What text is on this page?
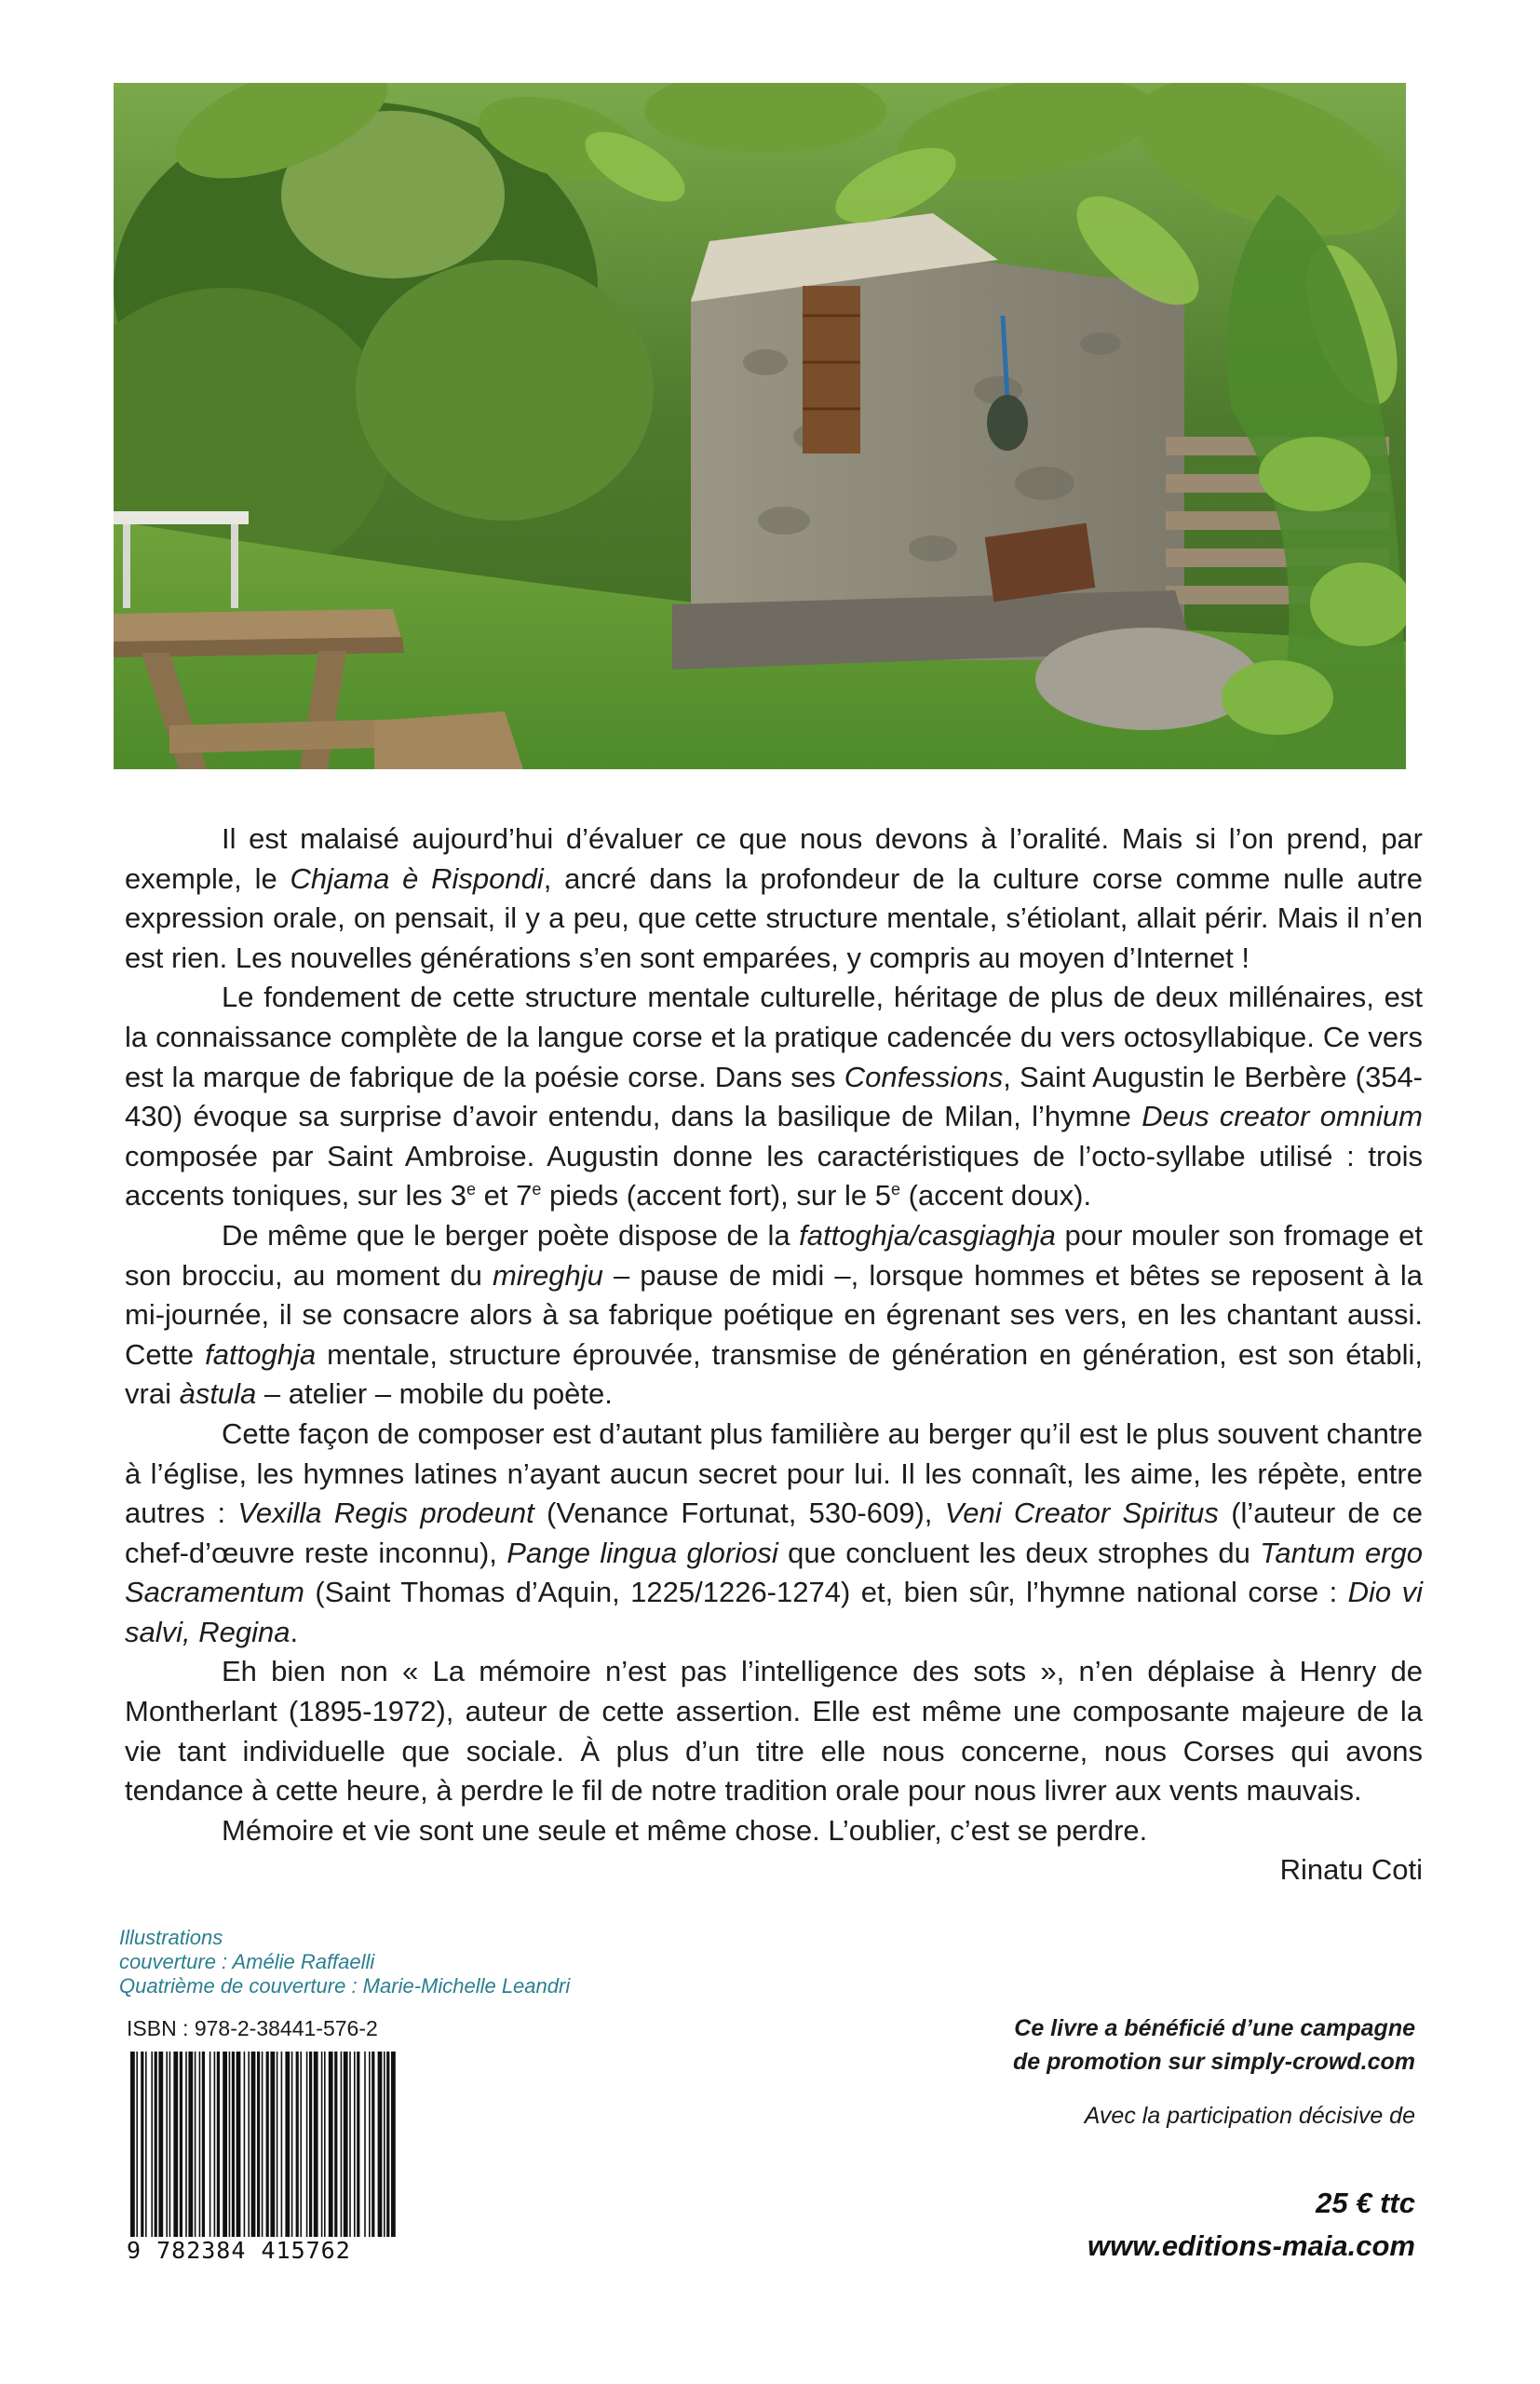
Il est malaisé aujourd’hui d’évaluer ce que nous devons à l’oralité. Mais si l’on prend, par exemple, le Chjama è Rispondi, ancré dans la profondeur de la culture corse comme nulle autre expression orale, on pensait, il y a peu, que cette structure mentale, s’étiolant, allait périr. Mais il n’en est rien. Les nouvelles générations s’en sont emparées, y compris au moyen d’Internet !

Le fondement de cette structure mentale culturelle, héritage de plus de deux millénaires, est la connaissance complète de la langue corse et la pratique cadencée du vers octosyllabique. Ce vers est la marque de fabrique de la poésie corse. Dans ses Confessions, Saint Augustin le Berbère (354-430) évoque sa surprise d’avoir entendu, dans la basilique de Milan, l’hymne Deus creator omnium composée par Saint Ambroise. Augustin donne les caractéristiques de l’octo-syllabe utilisé : trois accents toniques, sur les 3e et 7e pieds (accent fort), sur le 5e (accent doux).

De même que le berger poète dispose de la fattoghja/casgiaghja pour mouler son fromage et son brocciu, au moment du mireghju – pause de midi –, lorsque hommes et bêtes se reposent à la mi-journée, il se consacre alors à sa fabrique poétique en égrenant ses vers, en les chantant aussi. Cette fattoghja mentale, structure éprouvée, transmise de génération en génération, est son établi, vrai àstula – atelier – mobile du poète.

Cette façon de composer est d’autant plus familière au berger qu’il est le plus souvent chantre à l’église, les hymnes latines n’ayant aucun secret pour lui. Il les connaît, les aime, les répète, entre autres : Vexilla Regis prodeunt (Venance Fortunat, 530-609), Veni Creator Spiritus (l’auteur de ce chef-d’œuvre reste inconnu), Pange lingua gloriosi que concluent les deux strophes du Tantum ergo Sacramentum (Saint Thomas d’Aquin, 1225/1226-1274) et, bien sûr, l’hymne national corse : Dio vi salvi, Regina.

Eh bien non « La mémoire n’est pas l’intelligence des sots », n’en déplaise à Henry de Montherlant (1895-1972), auteur de cette assertion. Elle est même une composante majeure de la vie tant individuelle que sociale. À plus d’un titre elle nous concerne, nous Corses qui avons tendance à cette heure, à perdre le fil de notre tradition orale pour nous livrer aux vents mauvais.

Mémoire et vie sont une seule et même chose. L’oublier, c’est se perdre.

Rinatu Coti

Illustrations
couverture : Amélie Raffaelli
Quatrième de couverture : Marie-Michelle Leandri
ISBN : 978-2-38441-576-2
9 782384 415762
Ce livre a bénéficié d’une campagne
de promotion sur simply-crowd.com
Avec la participation décisive de
25 € ttc
www.editions-maia.com
